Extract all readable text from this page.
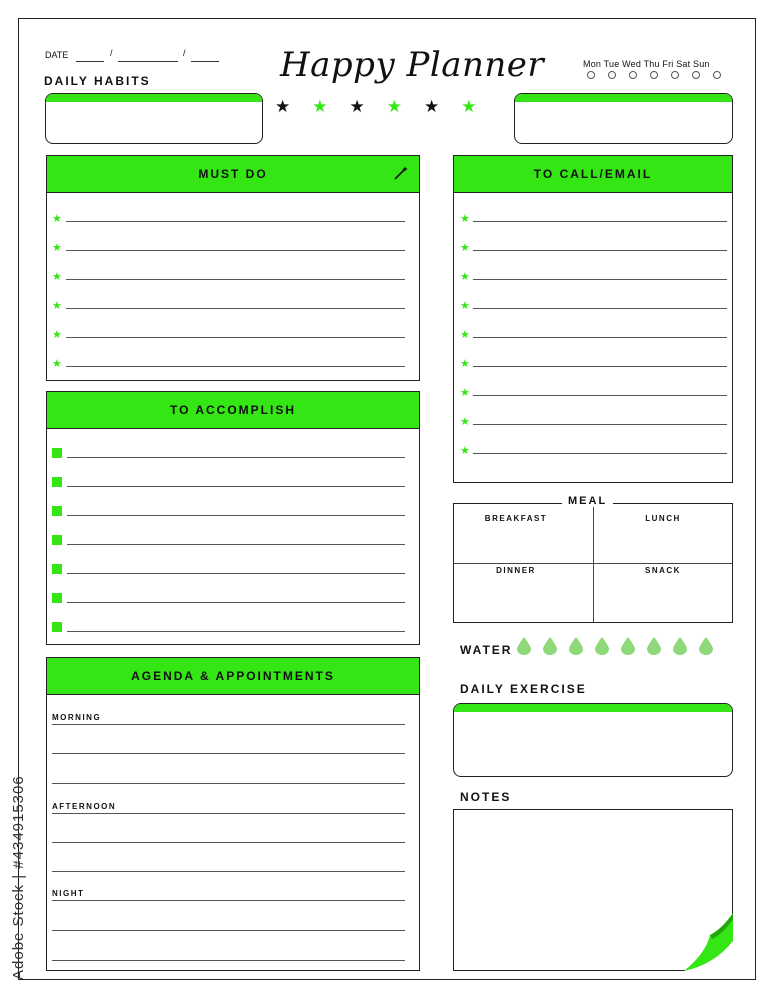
DATE	/	/
DAILY HABITS	Happy Planner	Mon Tue Wed Thu Fri Sat Sun
★ ★ ★ ★ ★ ★
MUST DO
★
★
★
★
★
★
TO CALL/EMAIL
★
★
★
★
★
★
★
★
★
TO ACCOMPLISH
BREAKFAST	LUNCH
DINNER	SNACK
MEAL
WATER
DAILY EXERCISE
NOTES
AGENDA & APPOINTMENTS
MORNING
AFTERNOON
NIGHT
Adobe Stock | #434915306
